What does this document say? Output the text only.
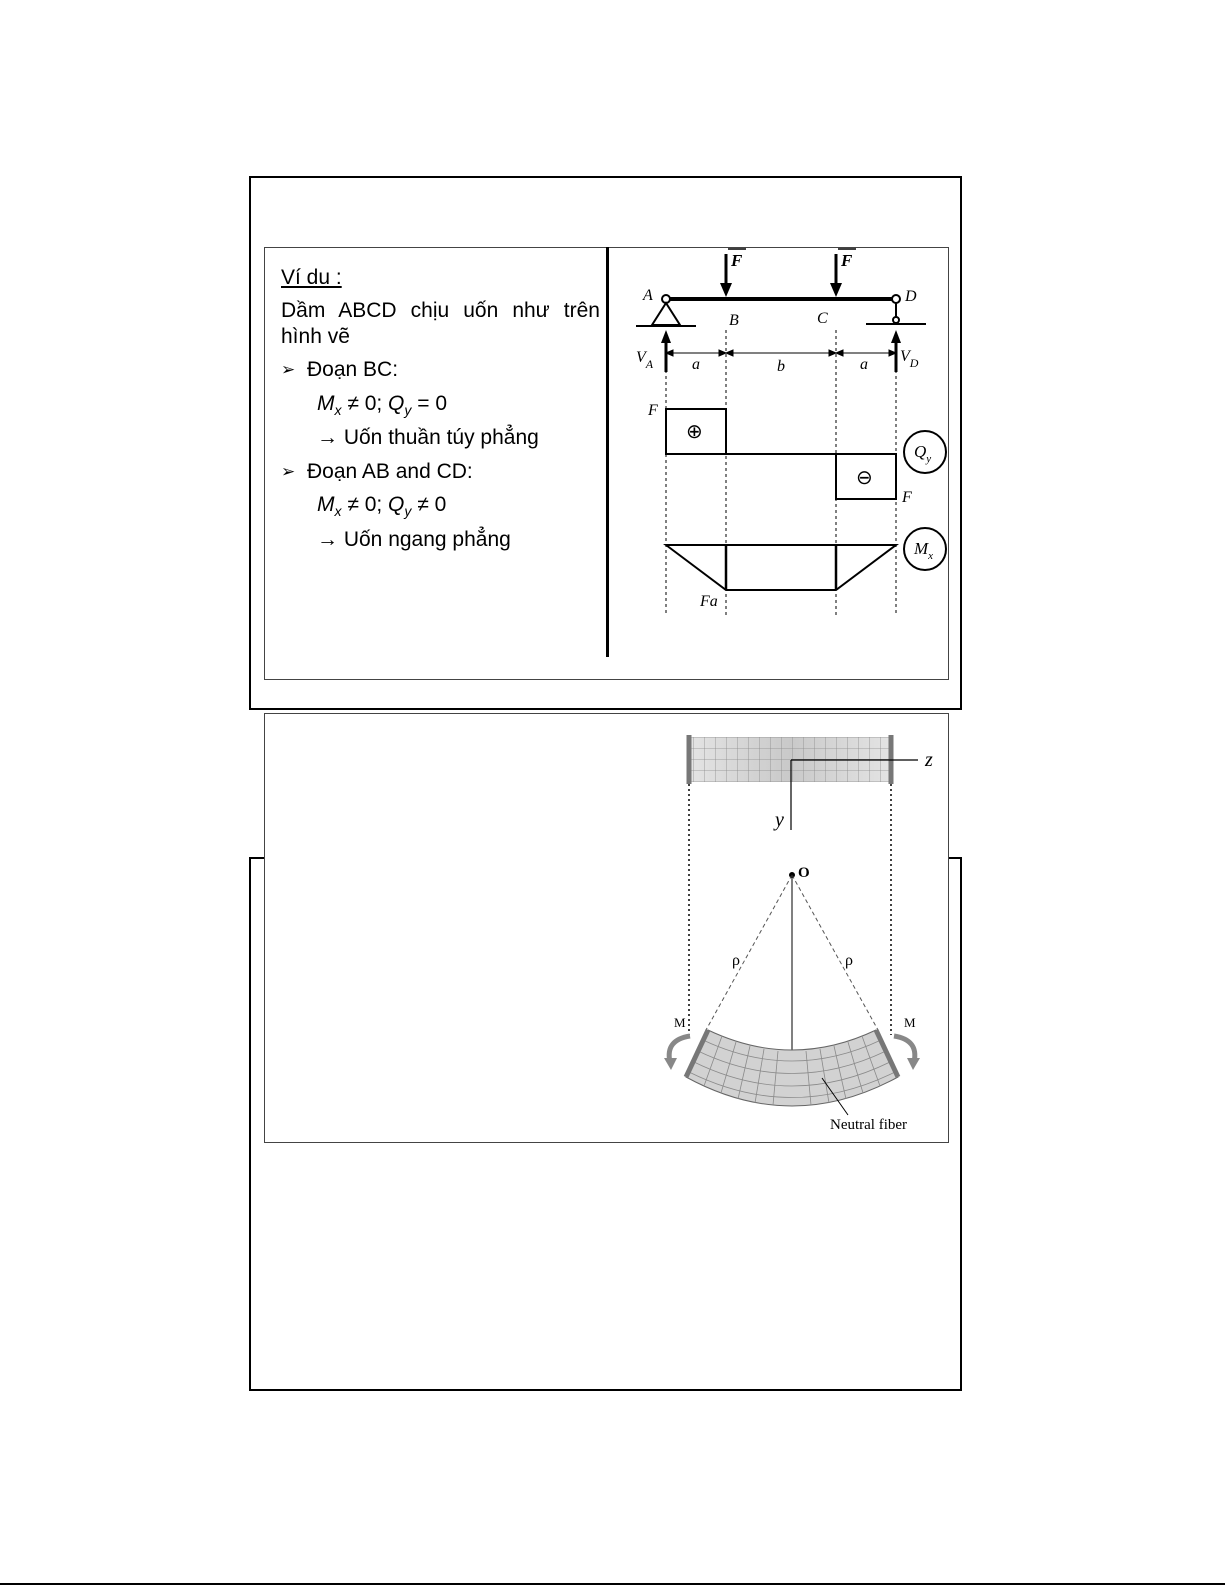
Ví du :
Dầm ABCD chịu uốn như trên
hình vẽ
➢ Đoạn BC:
$M_x \ne 0$; $Q_y = 0$
→ Uốn thuần túy phẳng
➢ Đoạn AB and CD:
$M_x \ne 0$; $Q_y \ne 0$
→ Uốn ngang phẳng
F	F
A
B	C
D
$V_A$	$V_D$
a	b	a
⊕
⊖
F
F
$Q_y$
Fa
$M_x$
z
y
O
ρ	ρ
M	M
Neutral fiber
